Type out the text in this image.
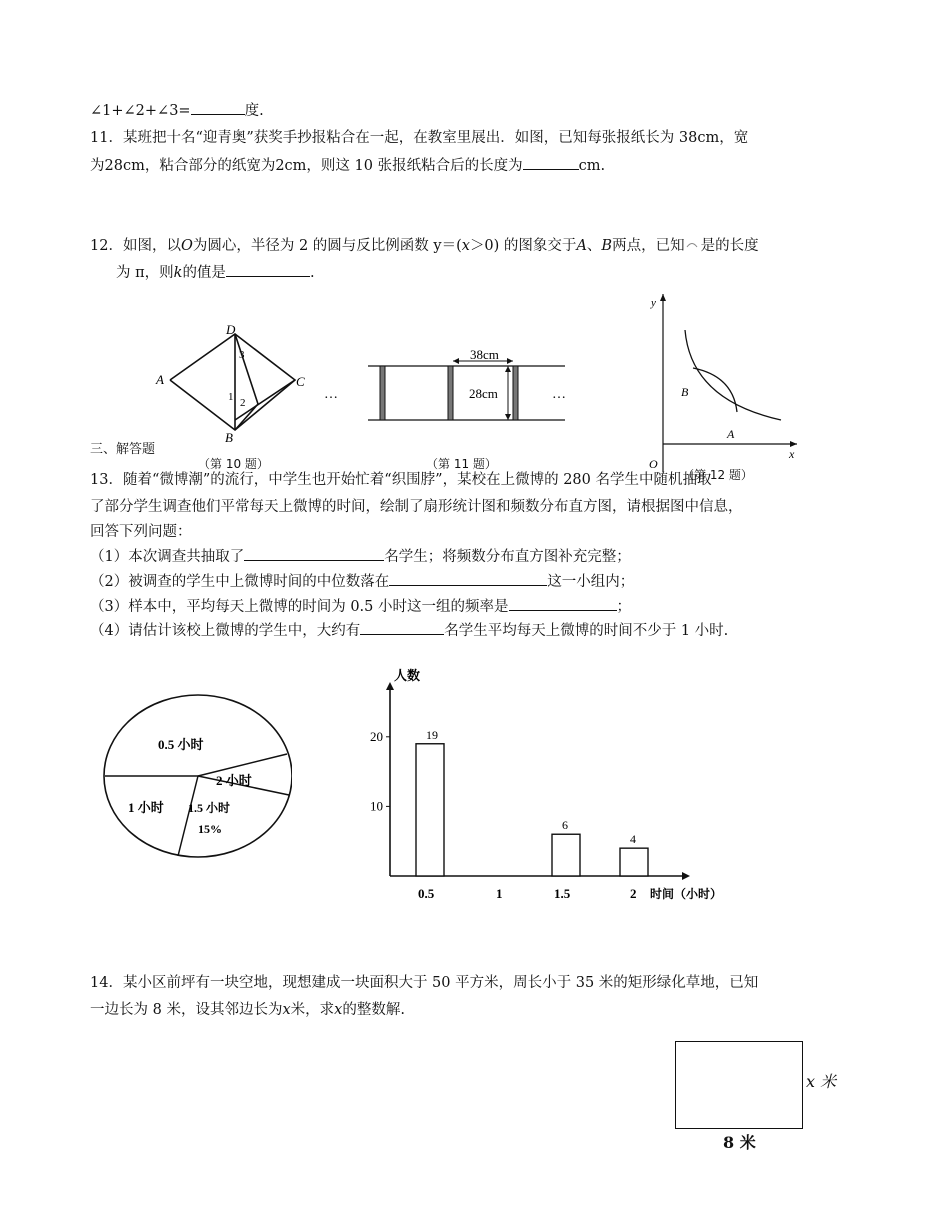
∠1+∠2+∠3=	度.
11．某班把十名“迎青奥”获奖手抄报粘合在一起，在教室里展出．如图，已知每张报纸长为 38cm，宽
为28cm，粘合部分的纸宽为2cm，则这 10 张报纸粘合后的长度为	cm.
12．如图，以O为圆心，半径为 2 的圆与反比例函数 y＝(x＞0) 的图象交于A、B两点，已知 是的长度
为 π，则k的值是	.
A
D
C
B
3
1 2
三、解答题
（第 10 题）
38cm
28cm
…	…
（第 11 题）
y
x
B
A
O
（第 12 题）
13．随着“微博潮”的流行，中学生也开始忙着“织围脖”，某校在上微博的 280 名学生中随机抽取
了部分学生调查他们平常每天上微博的时间，绘制了扇形统计图和频数分布直方图，请根据图中信息，
回答下列问题：
（1）本次调查共抽取了	名学生；将频数分布直方图补充完整；
（2）被调查的学生中上微博时间的中位数落在	这一小组内；
（3）样本中，平均每天上微博的时间为 0.5 小时这一组的频率是	；
（4）请估计该校上微博的学生中，大约有	名学生平均每天上微博的时间不少于 1 小时.
0.5 小时
2 小时
1.5 小时
15%
1 小时
人数
时间（小时）
10
20	19
0.5	1
6
1.5
4
2
14．某小区前坪有一块空地，现想建成一块面积大于 50 平方米，周长小于 35 米的矩形绿化草地，已知
一边长为 8 米，设其邻边长为x米，求x的整数解.
x 米
8 米
